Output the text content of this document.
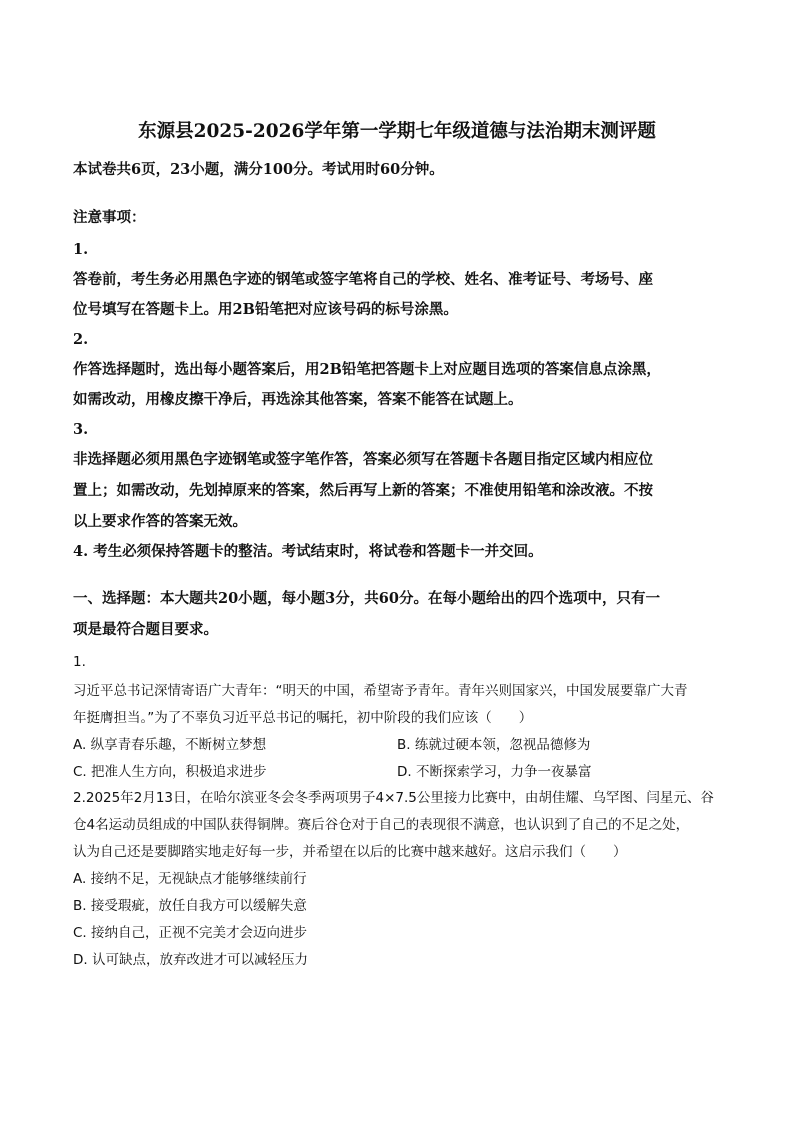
东源县2025-2026学年第一学期七年级道德与法治期末测评题
本试卷共6页，23小题，满分100分。考试用时60分钟。
注意事项：
1.
答卷前，考生务必用黑色字迹的钢笔或签字笔将自己的学校、姓名、准考证号、考场号、座
位号填写在答题卡上。用2B铅笔把对应该号码的标号涂黑。
2.
作答选择题时，选出每小题答案后，用2B铅笔把答题卡上对应题目选项的答案信息点涂黑，
如需改动，用橡皮擦干净后，再选涂其他答案，答案不能答在试题上。
3.
非选择题必须用黑色字迹钢笔或签字笔作答，答案必须写在答题卡各题目指定区域内相应位
置上；如需改动，先划掉原来的答案，然后再写上新的答案；不准使用铅笔和涂改液。不按
以上要求作答的答案无效。
4. 考生必须保持答题卡的整洁。考试结束时，将试卷和答题卡一并交回。
一、选择题：本大题共20小题，每小题3分，共60分。在每小题给出的四个选项中，只有一
项是最符合题目要求。
1.
习近平总书记深情寄语广大青年：“明天的中国，希望寄予青年。青年兴则国家兴，中国发展要靠广大青
年挺膺担当。”为了不辜负习近平总书记的嘱托，初中阶段的我们应该（　　）
A. 纵享青春乐趣，不断树立梦想	B. 练就过硬本领，忽视品德修为
C. 把准人生方向，积极追求进步	D. 不断探索学习，力争一夜暴富
2.2025年2月13日，在哈尔滨亚冬会冬季两项男子4×7.5公里接力比赛中，由胡佳耀、乌罕图、闫星元、谷
仓4名运动员组成的中国队获得铜牌。赛后谷仓对于自己的表现很不满意，也认识到了自己的不足之处，
认为自己还是要脚踏实地走好每一步，并希望在以后的比赛中越来越好。这启示我们（　　）
A. 接纳不足，无视缺点才能够继续前行
B. 接受瑕疵，放任自我方可以缓解失意
C. 接纳自己，正视不完美才会迈向进步
D. 认可缺点，放弃改进才可以减轻压力
